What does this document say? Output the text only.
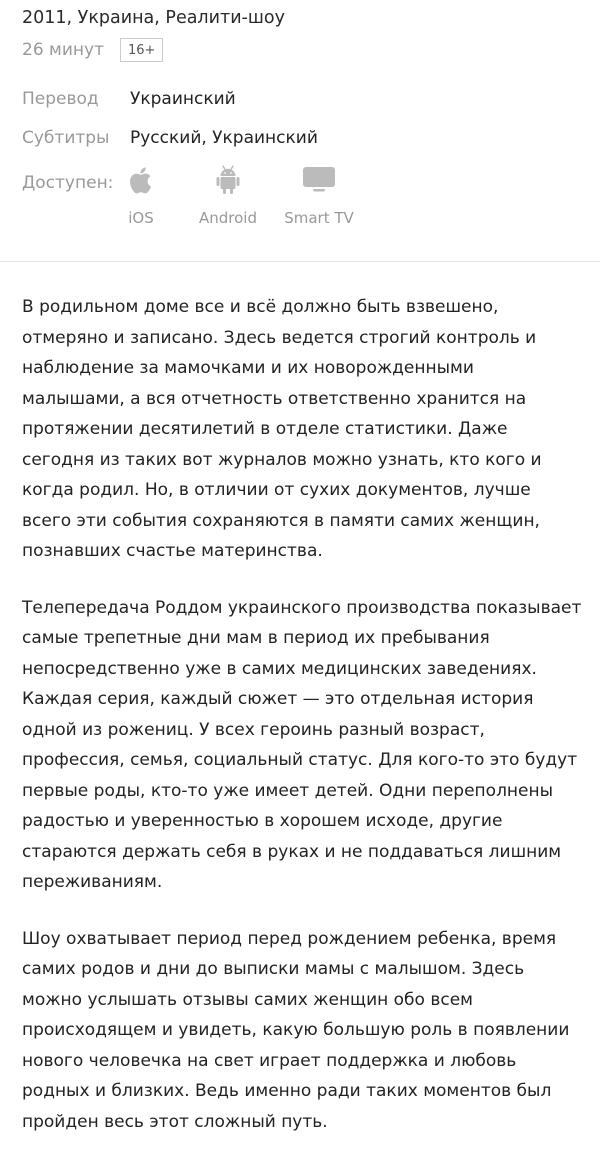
2011, Украина, Реалити-шоу
26 минут	16+
Перевод Украинский
Субтитры Русский, Украинский
Доступен:
iOS	Android	Smart TV

В родильном доме все и всё должно быть взвешено, отмеряно и записано. Здесь ведется строгий контроль и наблюдение за мамочками и их новорожденными малышами, а вся отчетность ответственно хранится на протяжении десятилетий в отделе статистики. Даже сегодня из таких вот журналов можно узнать, кто кого и когда родил. Но, в отличии от сухих документов, лучше всего эти события сохраняются в памяти самих женщин, познавших счастье материнства.

Телепередача Роддом украинского производства показывает самые трепетные дни мам в период их пребывания непосредственно уже в самих медицинских заведениях. Каждая серия, каждый сюжет — это отдельная история одной из рожениц. У всех героинь разный возраст, профессия, семья, социальный статус. Для кого-то это будут первые роды, кто-то уже имеет детей. Одни переполнены радостью и уверенностью в хорошем исходе, другие стараются держать себя в руках и не поддаваться лишним переживаниям.

Шоу охватывает период перед рождением ребенка, время самих родов и дни до выписки мамы с малышом. Здесь можно услышать отзывы самих женщин обо всем происходящем и увидеть, какую большую роль в появлении нового человечка на свет играет поддержка и любовь родных и близких. Ведь именно ради таких моментов был пройден весь этот сложный путь.
